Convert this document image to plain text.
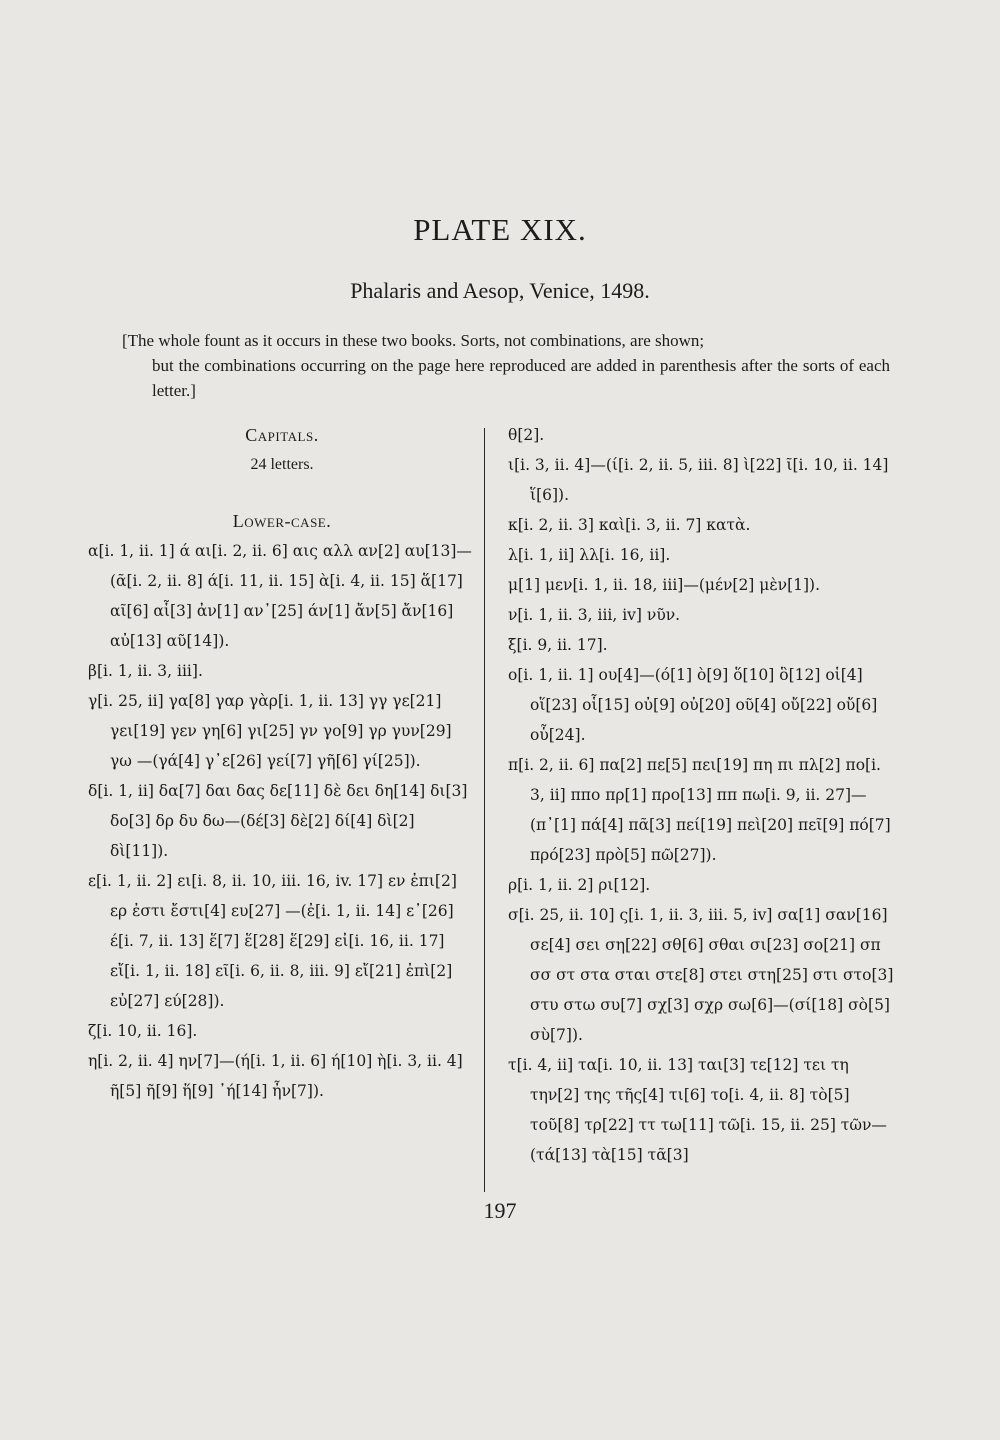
PLATE XIX.
Phalaris and Aesop, Venice, 1498.

[The whole fount as it occurs in these two books. Sorts, not combinations, are shown;

but the combinations occurring on the page here reproduced are added in parenthesis after the sorts of each letter.]

Capitals.
24 letters.
Lower-case.
α[i. 1, ii. 1] ά αι[i. 2, ii. 6] αις αλλ αν[2] αυ[13]—(ᾶ[i. 2, ii. 8] ά[i. 11, ii. 15] ὰ[i. 4, ii. 15] ἅ[17] αῖ[6] αἷ[3] ἀν[1] αν᾽[25] άν[1] ἄν[5] ἄν[16] αὐ[13] αῦ[14]).
β[i. 1, ii. 3, iii].
γ[i. 25, ii] γα[8] γαρ γὰρ[i. 1, ii. 13] γγ γε[21] γει[19] γεν γη[6] γι[25] γν γο[9] γρ γυν[29] γω —(γά[4] γ᾽ε[26] γεί[7] γῆ[6] γί[25]).
δ[i. 1, ii] δα[7] δαι δας δε[11] δὲ δει δη[14] δι[3] δο[3] δρ δυ δω—(δέ[3] δὲ[2] δί[4] δὶ[2] δὶ[11]).
ε[i. 1, ii. 2] ει[i. 8, ii. 10, iii. 16, iv. 17] εν ἐπι[2] ερ ἐστι ἔστι[4] ευ[27] —(ἐ[i. 1, ii. 14] ε᾽[26] έ[i. 7, ii. 13] ἕ[7] ἕ[28] ἕ[29] εἰ[i. 16, ii. 17] εἴ[i. 1, ii. 18] εῖ[i. 6, ii. 8, iii. 9] εἴ[21] ἐπὶ[2] εὐ[27] εύ[28]).
ζ[i. 10, ii. 16].
η[i. 2, ii. 4] ην[7]—(ή[i. 1, ii. 6] ή[10] ὴ[i. 3, ii. 4] ῆ[5] ῆ[9] ἥ[9] ᾽ή[14] ἦν[7]).
θ[2].
ι[i. 3, ii. 4]—(ί[i. 2, ii. 5, iii. 8] ὶ[22] ῖ[i. 10, ii. 14] ἵ[6]).
κ[i. 2, ii. 3] καὶ[i. 3, ii. 7] κατὰ.
λ[i. 1, ii] λλ[i. 16, ii].
μ[1] μεν[i. 1, ii. 18, iii]—(μέν[2] μὲν[1]).
ν[i. 1, ii. 3, iii, iv] νῦν.
ξ[i. 9, ii. 17].
ο[i. 1, ii. 1] ου[4]—(ό[1] ὸ[9] ὅ[10] ὃ[12] οἱ[4] οἵ[23] οἷ[15] οὐ[9] οὐ[20] οῦ[4] οὔ[22] οὔ[6] οὗ[24].
π[i. 2, ii. 6] πα[2] πε[5] πει[19] πη πι πλ[2] πο[i. 3, ii] ππο πρ[1] προ[13] ππ πω[i. 9, ii. 27]—(π᾽[1] πά[4] πᾶ[3] πεί[19] πεὶ[20] πεῖ[9] πό[7] πρό[23] πρὸ[5] πῶ[27]).
ρ[i. 1, ii. 2] ρι[12].
σ[i. 25, ii. 10] ς[i. 1, ii. 3, iii. 5, iv] σα[1] σαν[16] σε[4] σει ση[22] σθ[6] σθαι σι[23] σο[21] σπ σσ στ στα σται στε[8] στει στη[25] στι στο[3] στυ στω συ[7] σχ[3] σχρ σω[6]—(σί[18] σὸ[5] σὺ[7]).
τ[i. 4, ii] τα[i. 10, ii. 13] ται[3] τε[12] τει τη την[2] της τῆς[4] τι[6] το[i. 4, ii. 8] τὸ[5] τοῦ[8] τρ[22] ττ τω[11] τῶ[i. 15, ii. 25] τῶν—(τά[13] τὰ[15] τᾶ[3]
197
